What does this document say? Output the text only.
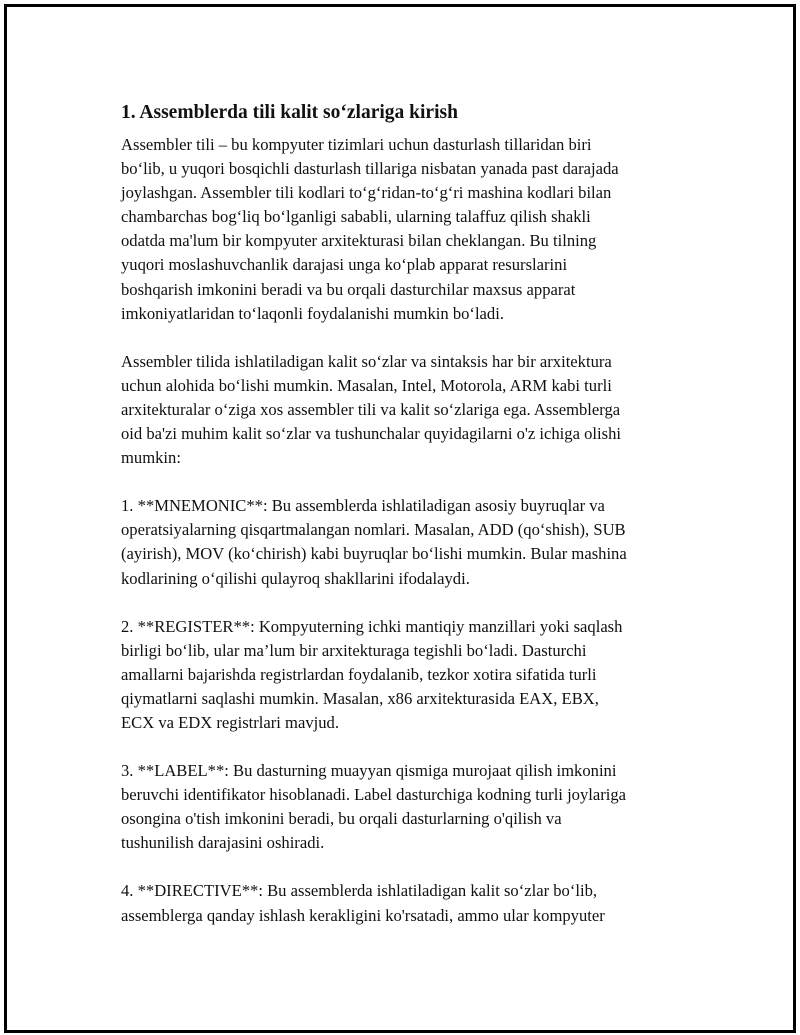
1. Assemblerda tili kalit so‘zlariga kirish

Assembler tili – bu kompyuter tizimlari uchun dasturlash tillaridan biri
bo‘lib, u yuqori bosqichli dasturlash tillariga nisbatan yanada past darajada
joylashgan. Assembler tili kodlari to‘g‘ridan-to‘g‘ri mashina kodlari bilan
chambarchas bog‘liq bo‘lganligi sababli, ularning talaffuz qilish shakli
odatda ma'lum bir kompyuter arxitekturasi bilan cheklangan. Bu tilning
yuqori moslashuvchanlik darajasi unga ko‘plab apparat resurslarini
boshqarish imkonini beradi va bu orqali dasturchilar maxsus apparat
imkoniyatlaridan to‘laqonli foydalanishi mumkin bo‘ladi.

Assembler tilida ishlatiladigan kalit so‘zlar va sintaksis har bir arxitektura
uchun alohida bo‘lishi mumkin. Masalan, Intel, Motorola, ARM kabi turli
arxitekturalar o‘ziga xos assembler tili va kalit so‘zlariga ega. Assemblerga
oid ba'zi muhim kalit so‘zlar va tushunchalar quyidagilarni o'z ichiga olishi
mumkin:

1. **MNEMONIC**: Bu assemblerda ishlatiladigan asosiy buyruqlar va
operatsiyalarning qisqartmalangan nomlari. Masalan, ADD (qo‘shish), SUB
(ayirish), MOV (ko‘chirish) kabi buyruqlar bo‘lishi mumkin. Bular mashina
kodlarining o‘qilishi qulayroq shakllarini ifodalaydi.

2. **REGISTER**: Kompyuterning ichki mantiqiy manzillari yoki saqlash
birligi bo‘lib, ular ma’lum bir arxitekturaga tegishli bo‘ladi. Dasturchi
amallarni bajarishda registrlardan foydalanib, tezkor xotira sifatida turli
qiymatlarni saqlashi mumkin. Masalan, x86 arxitekturasida EAX, EBX,
ECX va EDX registrlari mavjud.

3. **LABEL**: Bu dasturning muayyan qismiga murojaat qilish imkonini
beruvchi identifikator hisoblanadi. Label dasturchiga kodning turli joylariga
osongina o'tish imkonini beradi, bu orqali dasturlarning o'qilish va
tushunilish darajasini oshiradi.

4. **DIRECTIVE**: Bu assemblerda ishlatiladigan kalit so‘zlar bo‘lib,
assemblerga qanday ishlash kerakligini ko'rsatadi, ammo ular kompyuter
